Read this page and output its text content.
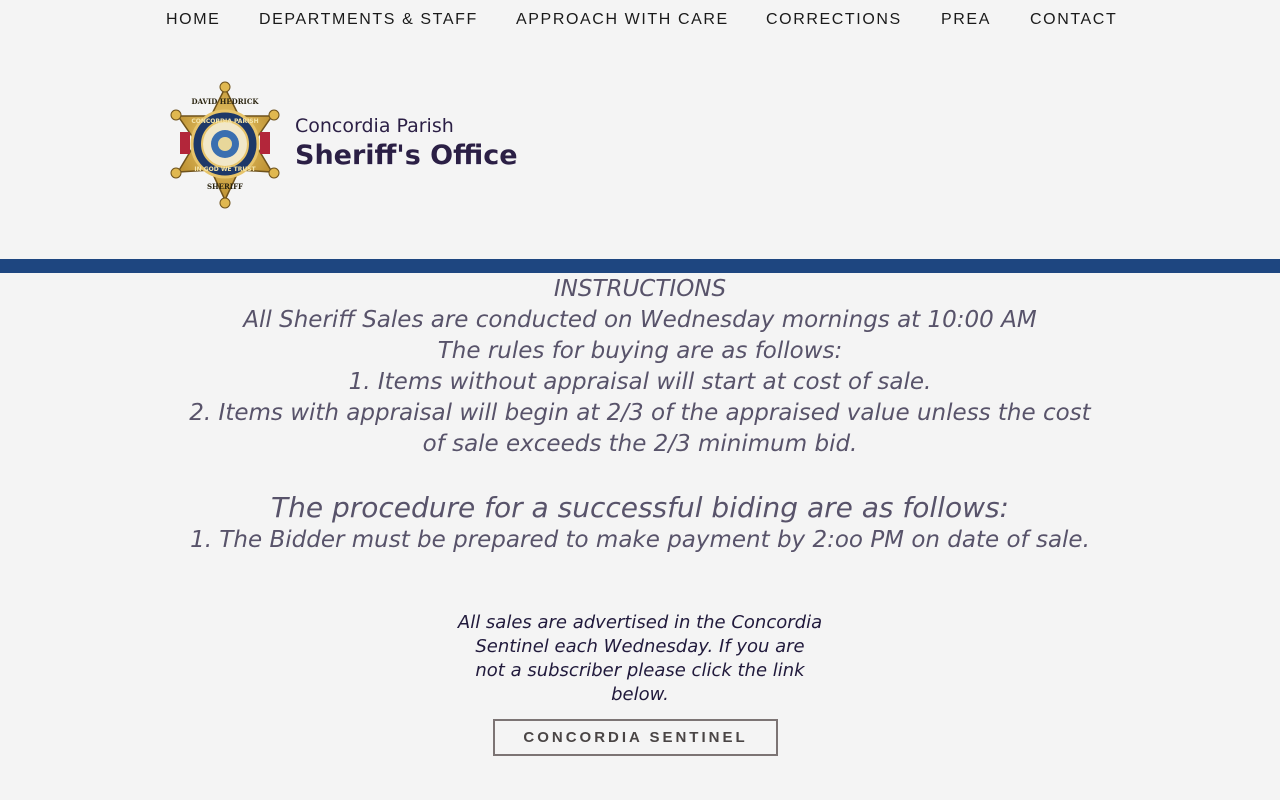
HOME DEPARTMENTS & STAFF APPROACH WITH CARE CORRECTIONS PREA CONTACT
DAVID HEDRICK
CONCORDIA PARISH
IN GOD WE TRUST
SHERIFF
Concordia Parish
Sheriff's Office
INSTRUCTIONS
All Sheriff Sales are conducted on Wednesday mornings at 10:00 AM
The rules for buying are as follows:
1. Items without appraisal will start at cost of sale.
2. Items with appraisal will begin at 2/3 of the appraised value unless the cost
of sale exceeds the 2/3 minimum bid.
The procedure for a successful biding are as follows:
1. The Bidder must be prepared to make payment by 2:oo PM on date of sale.
All sales are advertised in the Concordia
Sentinel each Wednesday. If you are
not a subscriber please click the link
below.
CONCORDIA SENTINEL
